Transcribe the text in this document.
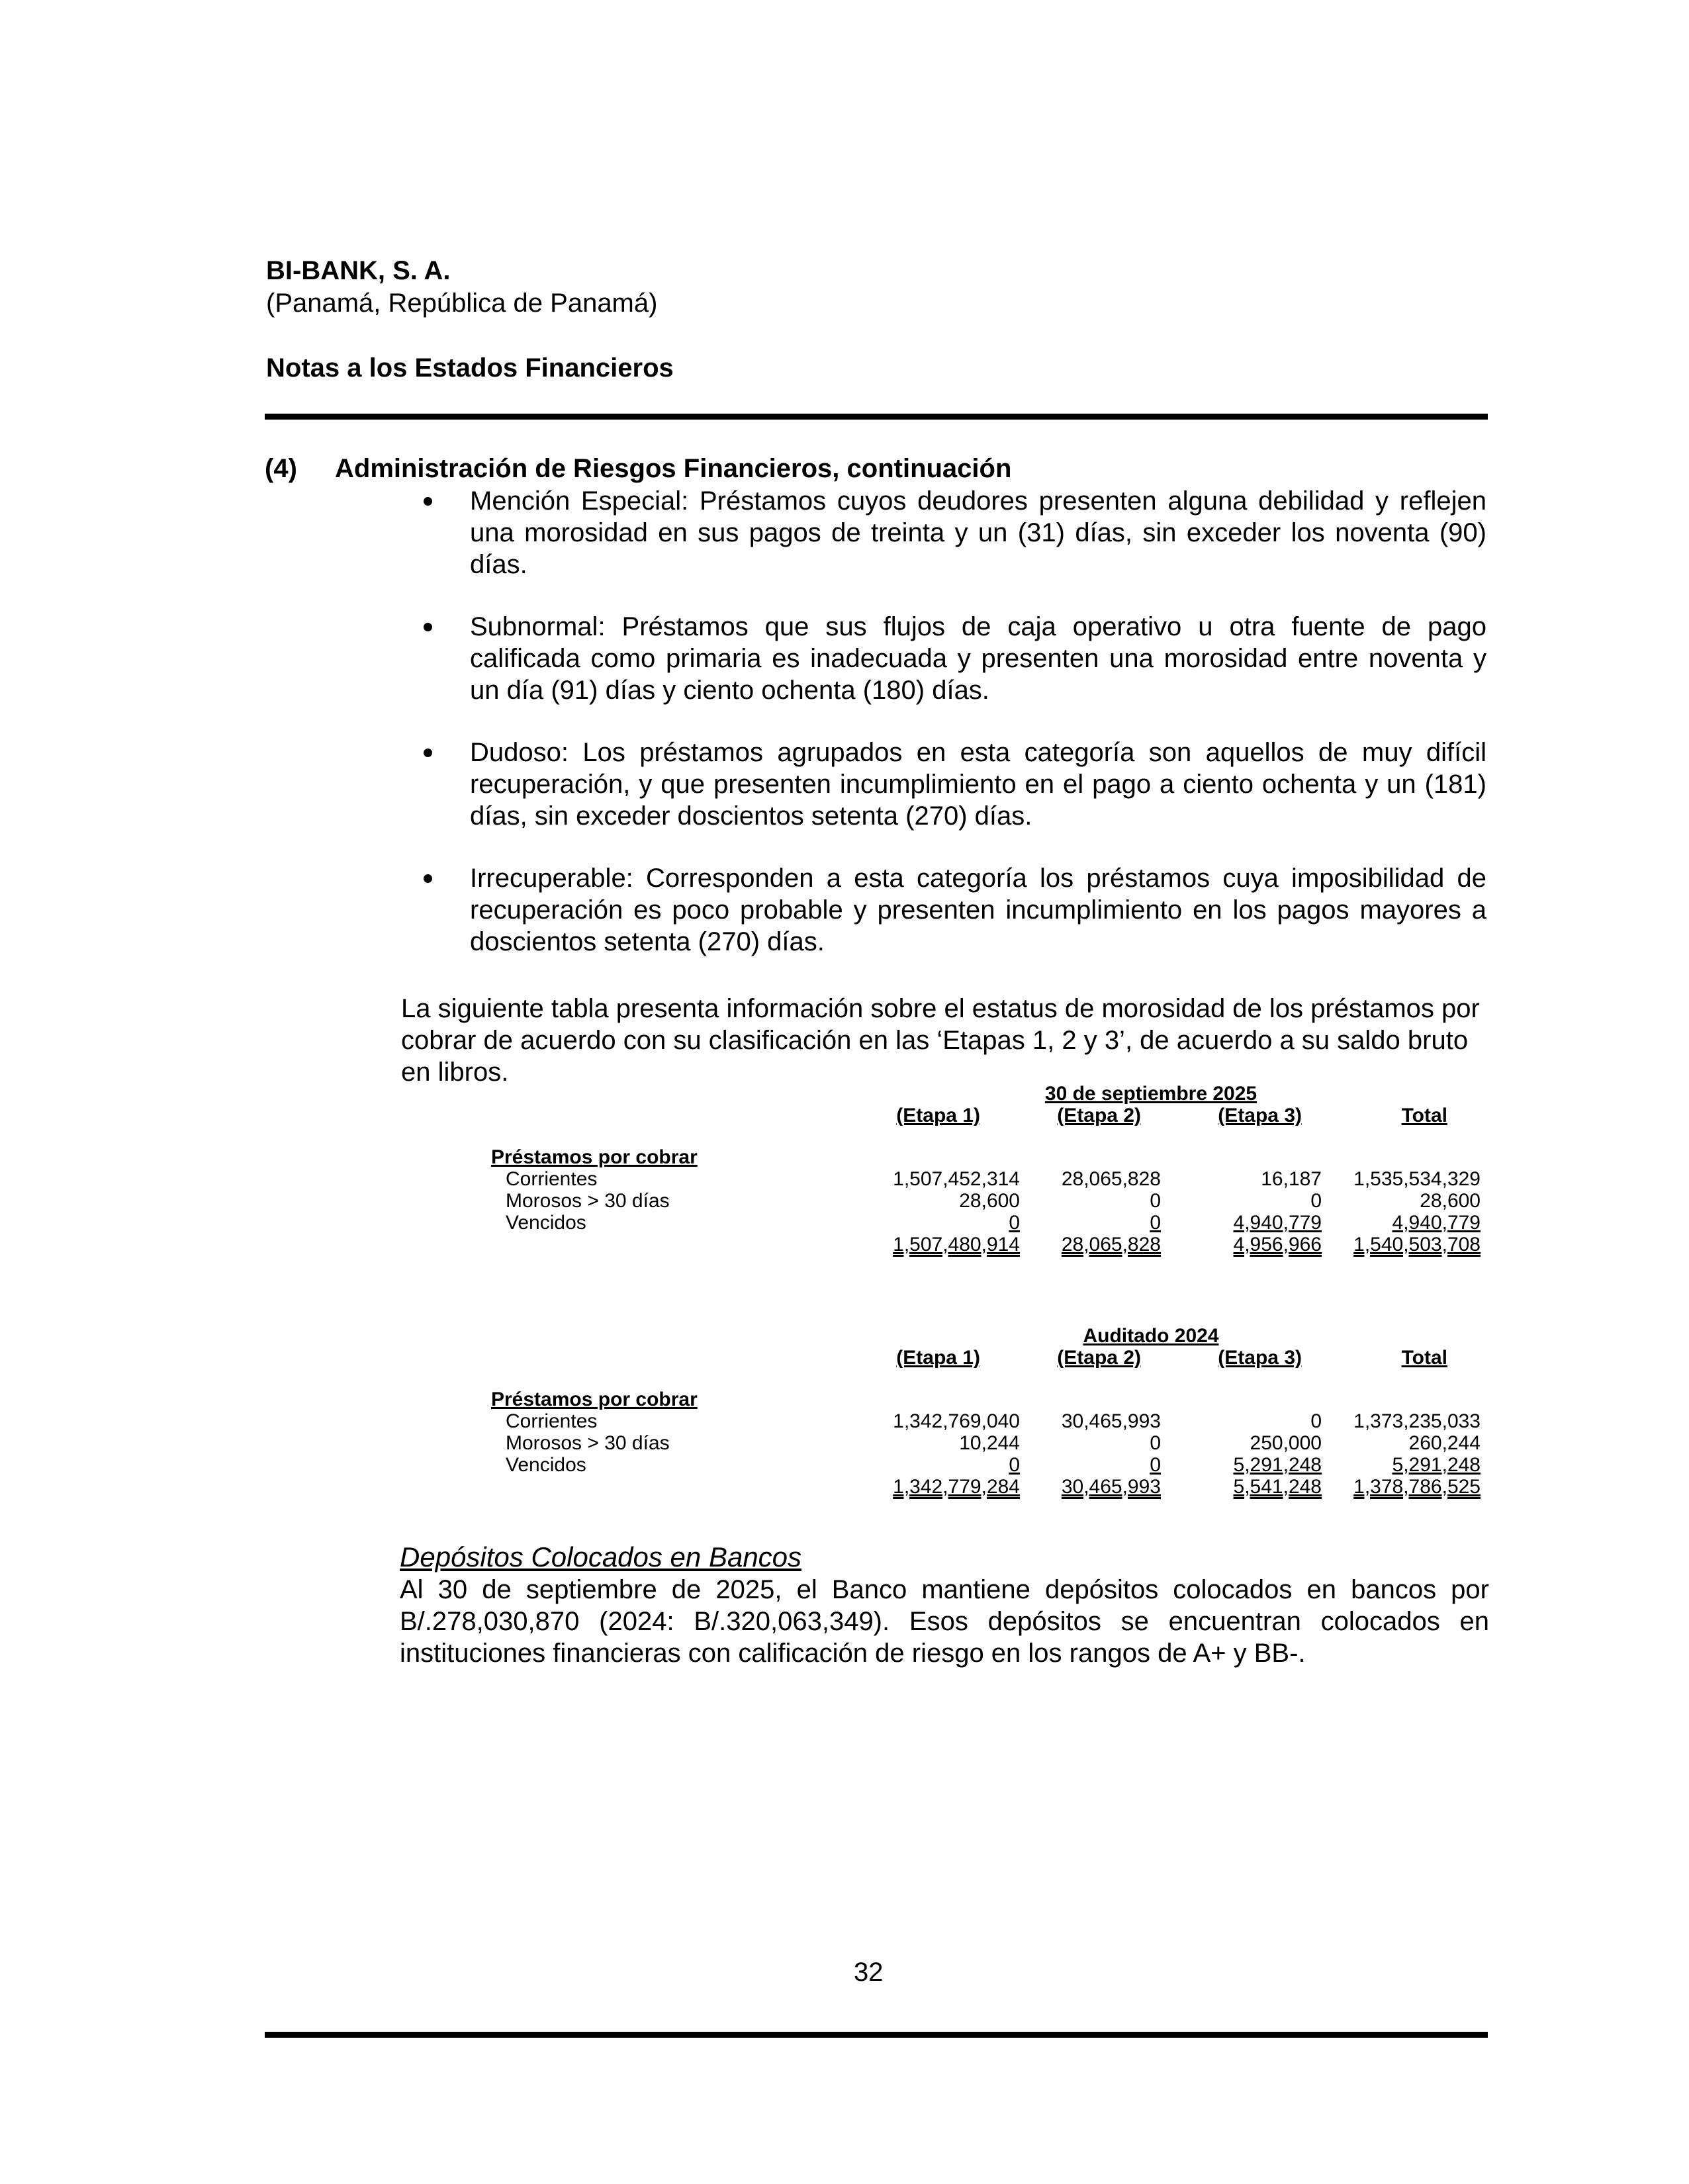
BI-BANK, S. A.
(Panamá, República de Panamá)
Notas a los Estados Financieros
(4) Administración de Riesgos Financieros, continuación
Mención Especial: Préstamos cuyos deudores presenten alguna debilidad y reflejen una morosidad en sus pagos de treinta y un (31) días, sin exceder los noventa (90) días.
Subnormal: Préstamos que sus flujos de caja operativo u otra fuente de pago calificada como primaria es inadecuada y presenten una morosidad entre noventa y un día (91) días y ciento ochenta (180) días.
Dudoso: Los préstamos agrupados en esta categoría son aquellos de muy difícil recuperación, y que presenten incumplimiento en el pago a ciento ochenta y un (181) días, sin exceder doscientos setenta (270) días.
Irrecuperable: Corresponden a esta categoría los préstamos cuya imposibilidad de recuperación es poco probable y presenten incumplimiento en los pagos mayores a doscientos setenta (270) días.
La siguiente tabla presenta información sobre el estatus de morosidad de los préstamos por cobrar de acuerdo con su clasificación en las ‘Etapas 1, 2 y 3’, de acuerdo a su saldo bruto en libros.
		30 de septiembre 2025		
	(Etapa 1)	(Etapa 2)	(Etapa 3)	Total

Préstamos por cobrar				
Corrientes	1,507,452,314	28,065,828	16,187	1,535,534,329
Morosos > 30 días	28,600	0	0	28,600
Vencidos	0	0	4,940,779	4,940,779
	1,507,480,914	28,065,828	4,956,966	1,540,503,708
		Auditado 2024		
	(Etapa 1)	(Etapa 2)	(Etapa 3)	Total

Préstamos por cobrar				
Corrientes	1,342,769,040	30,465,993	0	1,373,235,033
Morosos > 30 días	10,244	0	250,000	260,244
Vencidos	0	0	5,291,248	5,291,248
	1,342,779,284	30,465,993	5,541,248	1,378,786,525
Depósitos Colocados en Bancos
Al 30 de septiembre de 2025, el Banco mantiene depósitos colocados en bancos por B/.278,030,870 (2024: B/.320,063,349). Esos depósitos se encuentran colocados en instituciones financieras con calificación de riesgo en los rangos de A+ y BB-.
32
